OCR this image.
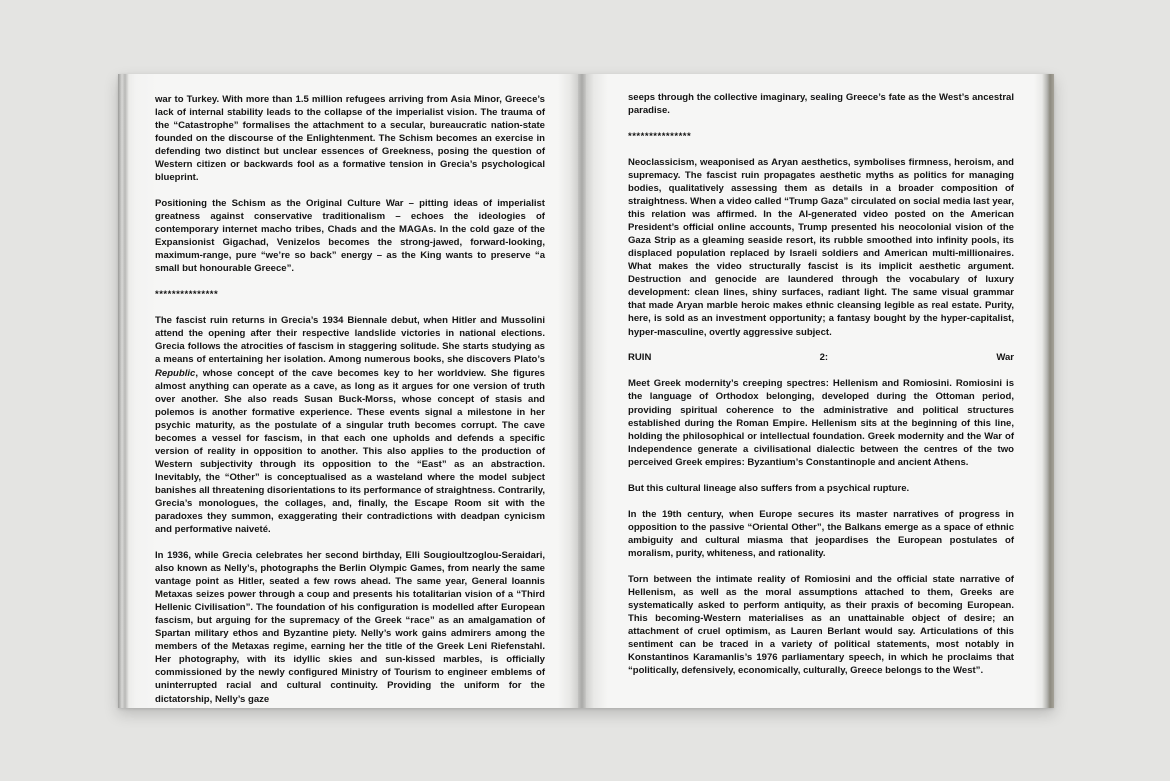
war to Turkey. With more than 1.5 million refugees arriving from Asia Minor, Greece’s lack of internal stability leads to the collapse of the imperialist vision. The trauma of the “Catastrophe” formalises the attachment to a secular, bureaucratic nation-state founded on the discourse of the Enlightenment. The Schism becomes an exercise in defending two distinct but unclear essences of Greekness, posing the question of Western citizen or backwards fool as a formative tension in Grecia’s psychological blueprint.

Positioning the Schism as the Original Culture War – pitting ideas of imperialist greatness against conservative traditionalism – echoes the ideologies of contemporary internet macho tribes, Chads and the MAGAs. In the cold gaze of the Expansionist Gigachad, Venizelos becomes the strong-jawed, forward-looking, maximum-range, pure “we’re so back” energy – as the King wants to preserve “a small but honourable Greece”.

***************

The fascist ruin returns in Grecia’s 1934 Biennale debut, when Hitler and Mussolini attend the opening after their respective landslide victories in national elections. Grecia follows the atrocities of fascism in staggering solitude. She starts studying as a means of entertaining her isolation. Among numerous books, she discovers Plato’s Republic, whose concept of the cave becomes key to her worldview. She figures almost anything can operate as a cave, as long as it argues for one version of truth over another. She also reads Susan Buck-Morss, whose concept of stasis and polemos is another formative experience. These events signal a milestone in her psychic maturity, as the postulate of a singular truth becomes corrupt. The cave becomes a vessel for fascism, in that each one upholds and defends a specific version of reality in opposition to another. This also applies to the production of Western subjectivity through its opposition to the “East” as an abstraction. Inevitably, the “Other” is conceptualised as a wasteland where the model subject banishes all threatening disorientations to its performance of straightness. Contrarily, Grecia’s monologues, the collages, and, finally, the Escape Room sit with the paradoxes they summon, exaggerating their contradictions with deadpan cynicism and performative naiveté.

In 1936, while Grecia celebrates her second birthday, Elli Sougioultzoglou-Seraidari, also known as Nelly’s, photographs the Berlin Olympic Games, from nearly the same vantage point as Hitler, seated a few rows ahead. The same year, General Ioannis Metaxas seizes power through a coup and presents his totalitarian vision of a “Third Hellenic Civilisation”. The foundation of his configuration is modelled after European fascism, but arguing for the supremacy of the Greek “race” as an amalgamation of Spartan military ethos and Byzantine piety. Nelly’s work gains admirers among the members of the Metaxas regime, earning her the title of the Greek Leni Riefenstahl. Her photography, with its idyllic skies and sun-kissed marbles, is officially commissioned by the newly configured Ministry of Tourism to engineer emblems of uninterrupted racial and cultural continuity. Providing the uniform for the dictatorship, Nelly’s gaze

seeps through the collective imaginary, sealing Greece’s fate as the West’s ancestral paradise.

***************

Neoclassicism, weaponised as Aryan aesthetics, symbolises firmness, heroism, and supremacy. The fascist ruin propagates aesthetic myths as politics for managing bodies, qualitatively assessing them as details in a broader composition of straightness. When a video called “Trump Gaza” circulated on social media last year, this relation was affirmed. In the AI-generated video posted on the American President’s official online accounts, Trump presented his neocolonial vision of the Gaza Strip as a gleaming seaside resort, its rubble smoothed into infinity pools, its displaced population replaced by Israeli soldiers and American multi-millionaires. What makes the video structurally fascist is its implicit aesthetic argument. Destruction and genocide are laundered through the vocabulary of luxury development: clean lines, shiny surfaces, radiant light. The same visual grammar that made Aryan marble heroic makes ethnic cleansing legible as real estate. Purity, here, is sold as an investment opportunity; a fantasy bought by the hyper-capitalist, hyper-masculine, overtly aggressive subject.

RUIN	2:	War

Meet Greek modernity’s creeping spectres: Hellenism and Romiosini. Romiosini is the language of Orthodox belonging, developed during the Ottoman period, providing spiritual coherence to the administrative and political structures established during the Roman Empire. Hellenism sits at the beginning of this line, holding the philosophical or intellectual foundation. Greek modernity and the War of Independence generate a civilisational dialectic between the centres of the two perceived Greek empires: Byzantium’s Constantinople and ancient Athens.

But this cultural lineage also suffers from a psychical rupture.

In the 19th century, when Europe secures its master narratives of progress in opposition to the passive “Oriental Other”, the Balkans emerge as a space of ethnic ambiguity and cultural miasma that jeopardises the European postulates of moralism, purity, whiteness, and rationality.

Torn between the intimate reality of Romiosini and the official state narrative of Hellenism, as well as the moral assumptions attached to them, Greeks are systematically asked to perform antiquity, as their praxis of becoming European. This becoming-Western materialises as an unattainable object of desire; an attachment of cruel optimism, as Lauren Berlant would say. Articulations of this sentiment can be traced in a variety of political statements, most notably in Konstantinos Karamanlis’s 1976 parliamentary speech, in which he proclaims that “politically, defensively, economically, culturally, Greece belongs to the West”.
